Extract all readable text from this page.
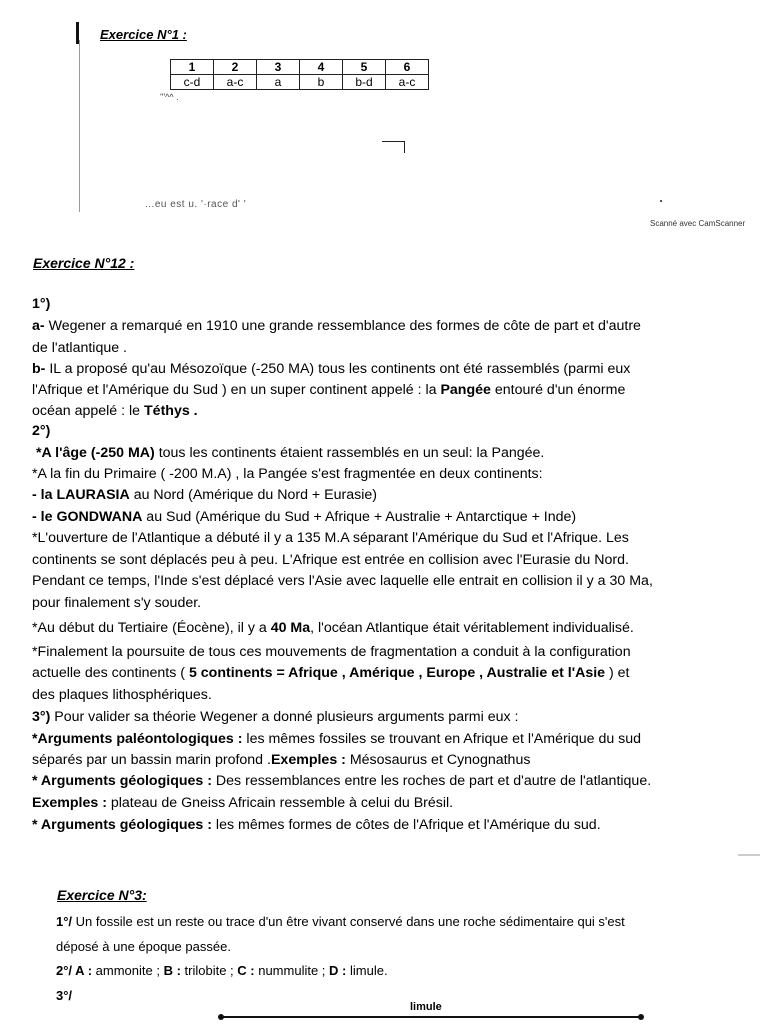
Exercice N°1 :
1	2	3	4	5	6
c-d	a-c	a	b	b-d	a-c
'''^^ .
...eu est u. '·race d' '
Scanné avec CamScanner
Exercice N°12 :
1°)
a- Wegener a remarqué en 1910 une grande ressemblance des formes de côte de part et d'autre
de l'atlantique .
b- IL a proposé qu'au Mésozoïque (-250 MA) tous les continents ont été rassemblés (parmi eux
l'Afrique et l'Amérique du Sud ) en un super continent appelé : la Pangée entouré d'un énorme
océan appelé : le Téthys .
2°)
*A l'âge (-250 MA) tous les continents étaient rassemblés en un seul: la Pangée.
*A la fin du Primaire ( -200 M.A) , la Pangée s'est fragmentée en deux continents:
- la LAURASIA au Nord (Amérique du Nord + Eurasie)
- le GONDWANA au Sud (Amérique du Sud + Afrique + Australie + Antarctique + Inde)
*L'ouverture de l'Atlantique a débuté il y a 135 M.A séparant l'Amérique du Sud et l'Afrique. Les
continents se sont déplacés peu à peu. L'Afrique est entrée en collision avec l'Eurasie du Nord.
Pendant ce temps, l'Inde s'est déplacé vers l'Asie avec laquelle elle entrait en collision il y a 30 Ma,
pour finalement s'y souder.
*Au début du Tertiaire (Éocène), il y a 40 Ma, l'océan Atlantique était véritablement individualisé.
*Finalement la poursuite de tous ces mouvements de fragmentation a conduit à la configuration
actuelle des continents ( 5 continents = Afrique , Amérique , Europe , Australie et l'Asie ) et
des plaques lithosphériques.
3°) Pour valider sa théorie Wegener a donné plusieurs arguments parmi eux :
*Arguments paléontologiques : les mêmes fossiles se trouvant en Afrique et l'Amérique du sud
séparés par un bassin marin profond .Exemples : Mésosaurus et Cynognathus
* Arguments géologiques : Des ressemblances entre les roches de part et d'autre de l'atlantique.
Exemples : plateau de Gneiss Africain ressemble à celui du Brésil.
* Arguments géologiques : les mêmes formes de côtes de l'Afrique et l'Amérique du sud.
Exercice N°3:
1°/ Un fossile est un reste ou trace d'un être vivant conservé dans une roche sédimentaire qui s'est
déposé à une époque passée.
2°/ A : ammonite ; B : trilobite ; C : nummulite ; D : limule.
3°/
limule
